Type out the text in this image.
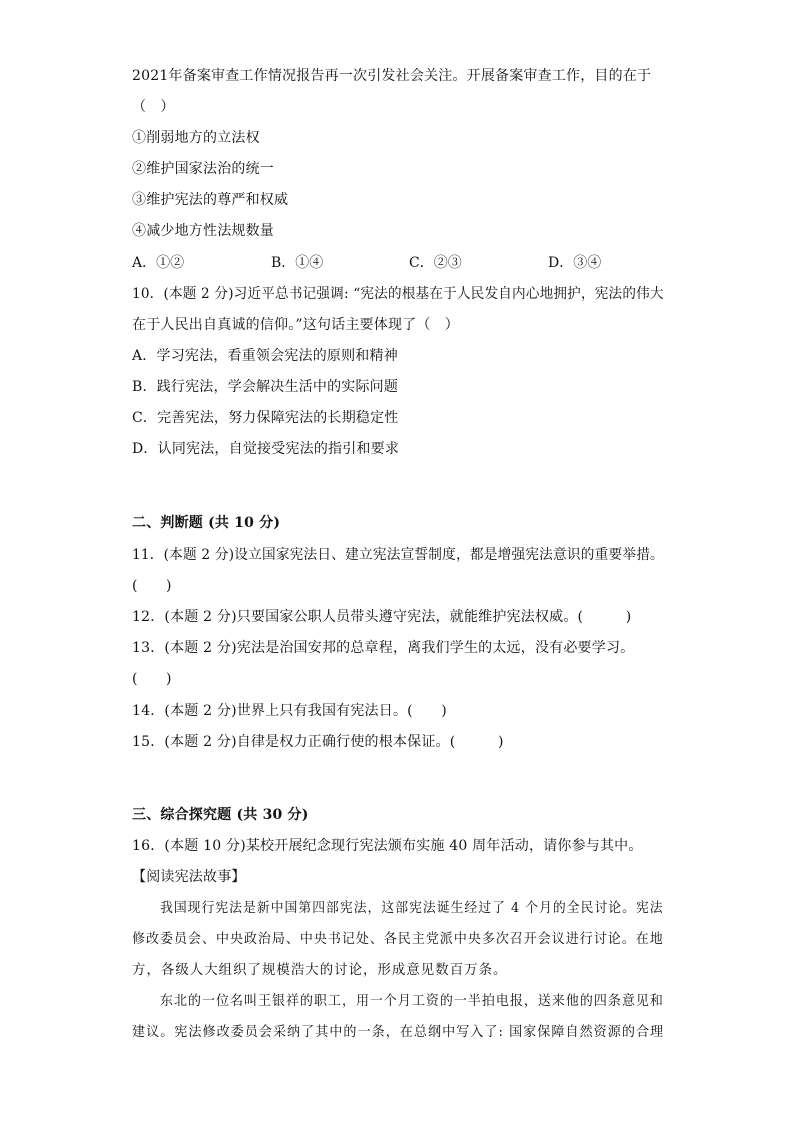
2021年备案审查工作情况报告再一次引发社会关注。开展备案审查工作，目的在于
（　）
①削弱地方的立法权
②维护国家法治的统一
③维护宪法的尊严和权威
④减少地方性法规数量
A．①②	B．①④	C．②③	D．③④
10．(本题 2 分)习近平总书记强调: “宪法的根基在于人民发自内心地拥护，宪法的伟大
在于人民出自真诚的信仰。”这句话主要体现了（　）
A．学习宪法，看重领会宪法的原则和精神
B．践行宪法，学会解决生活中的实际问题
C．完善宪法，努力保障宪法的长期稳定性
D．认同宪法，自觉接受宪法的指引和要求
二、判断题 (共 10 分)
11．(本题 2 分)设立国家宪法日、建立宪法宣誓制度，都是增强宪法意识的重要举措。
(　　)
12．(本题 2 分)只要国家公职人员带头遵守宪法，就能维护宪法权威。(　　　)
13．(本题 2 分)宪法是治国安邦的总章程，离我们学生的太远，没有必要学习。
(　　)
14．(本题 2 分)世界上只有我国有宪法日。(　　)
15．(本题 2 分)自律是权力正确行使的根本保证。(　　　)
三、综合探究题 (共 30 分)
16．(本题 10 分)某校开展纪念现行宪法颁布实施 40 周年活动，请你参与其中。
【阅读宪法故事】
我国现行宪法是新中国第四部宪法，这部宪法诞生经过了 4 个月的全民讨论。宪法
修改委员会、中央政治局、中央书记处、各民主党派中央多次召开会议进行讨论。在地
方，各级人大组织了规模浩大的讨论，形成意见数百万条。
东北的一位名叫王银祥的职工，用一个月工资的一半拍电报，送来他的四条意见和
建议。宪法修改委员会采纳了其中的一条，在总纲中写入了: 国家保障自然资源的合理
